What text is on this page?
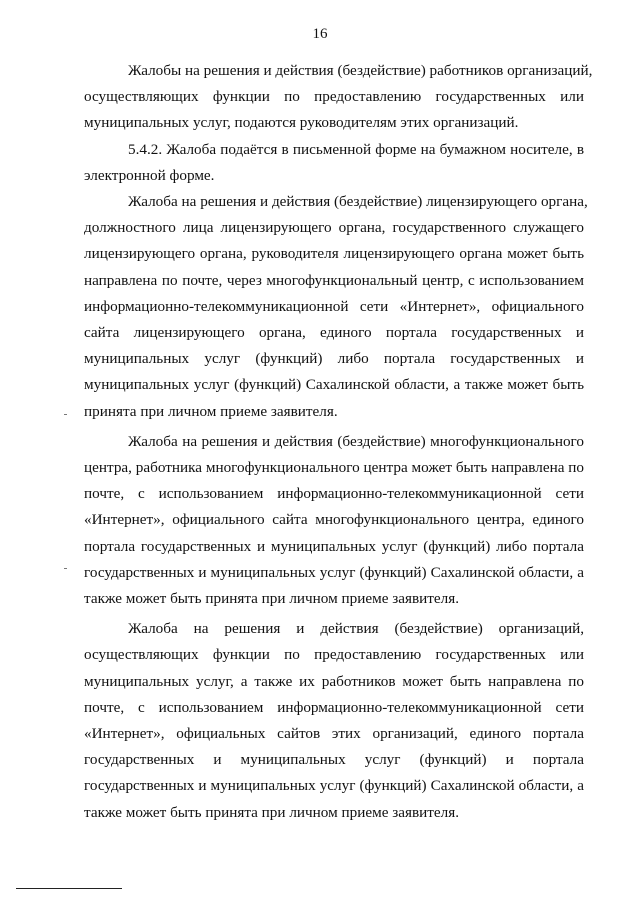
16

Жалобы на решения и действия (бездействие) работников организаций,
осуществляющих функции по предоставлению государственных или
муниципальных услуг, подаются руководителям этих организаций.

5.4.2. Жалоба подаётся в письменной форме на бумажном носителе, в
электронной форме.

Жалоба на решения и действия (бездействие) лицензирующего органа,
должностного лица лицензирующего органа, государственного служащего
лицензирующего органа, руководителя лицензирующего органа может быть
направлена по почте, через многофункциональный центр, с использованием
информационно-телекоммуникационной сети «Интернет», официального
сайта лицензирующего органа, единого портала государственных и
муниципальных услуг (функций) либо портала государственных и
муниципальных услуг (функций) Сахалинской области, а также может быть
принята при личном приеме заявителя.

Жалоба на решения и действия (бездействие) многофункционального
центра, работника многофункционального центра может быть направлена по
почте, с использованием информационно-телекоммуникационной сети
«Интернет», официального сайта многофункционального центра, единого
портала государственных и муниципальных услуг (функций) либо портала
государственных и муниципальных услуг (функций) Сахалинской области, а
также может быть принята при личном приеме заявителя.

Жалоба на решения и действия (бездействие) организаций,
осуществляющих функции по предоставлению государственных или
муниципальных услуг, а также их работников может быть направлена по
почте, с использованием информационно-телекоммуникационной сети
«Интернет», официальных сайтов этих организаций, единого портала
государственных и муниципальных услуг (функций) и портала
государственных и муниципальных услуг (функций) Сахалинской области, а
также может быть принята при личном приеме заявителя.
